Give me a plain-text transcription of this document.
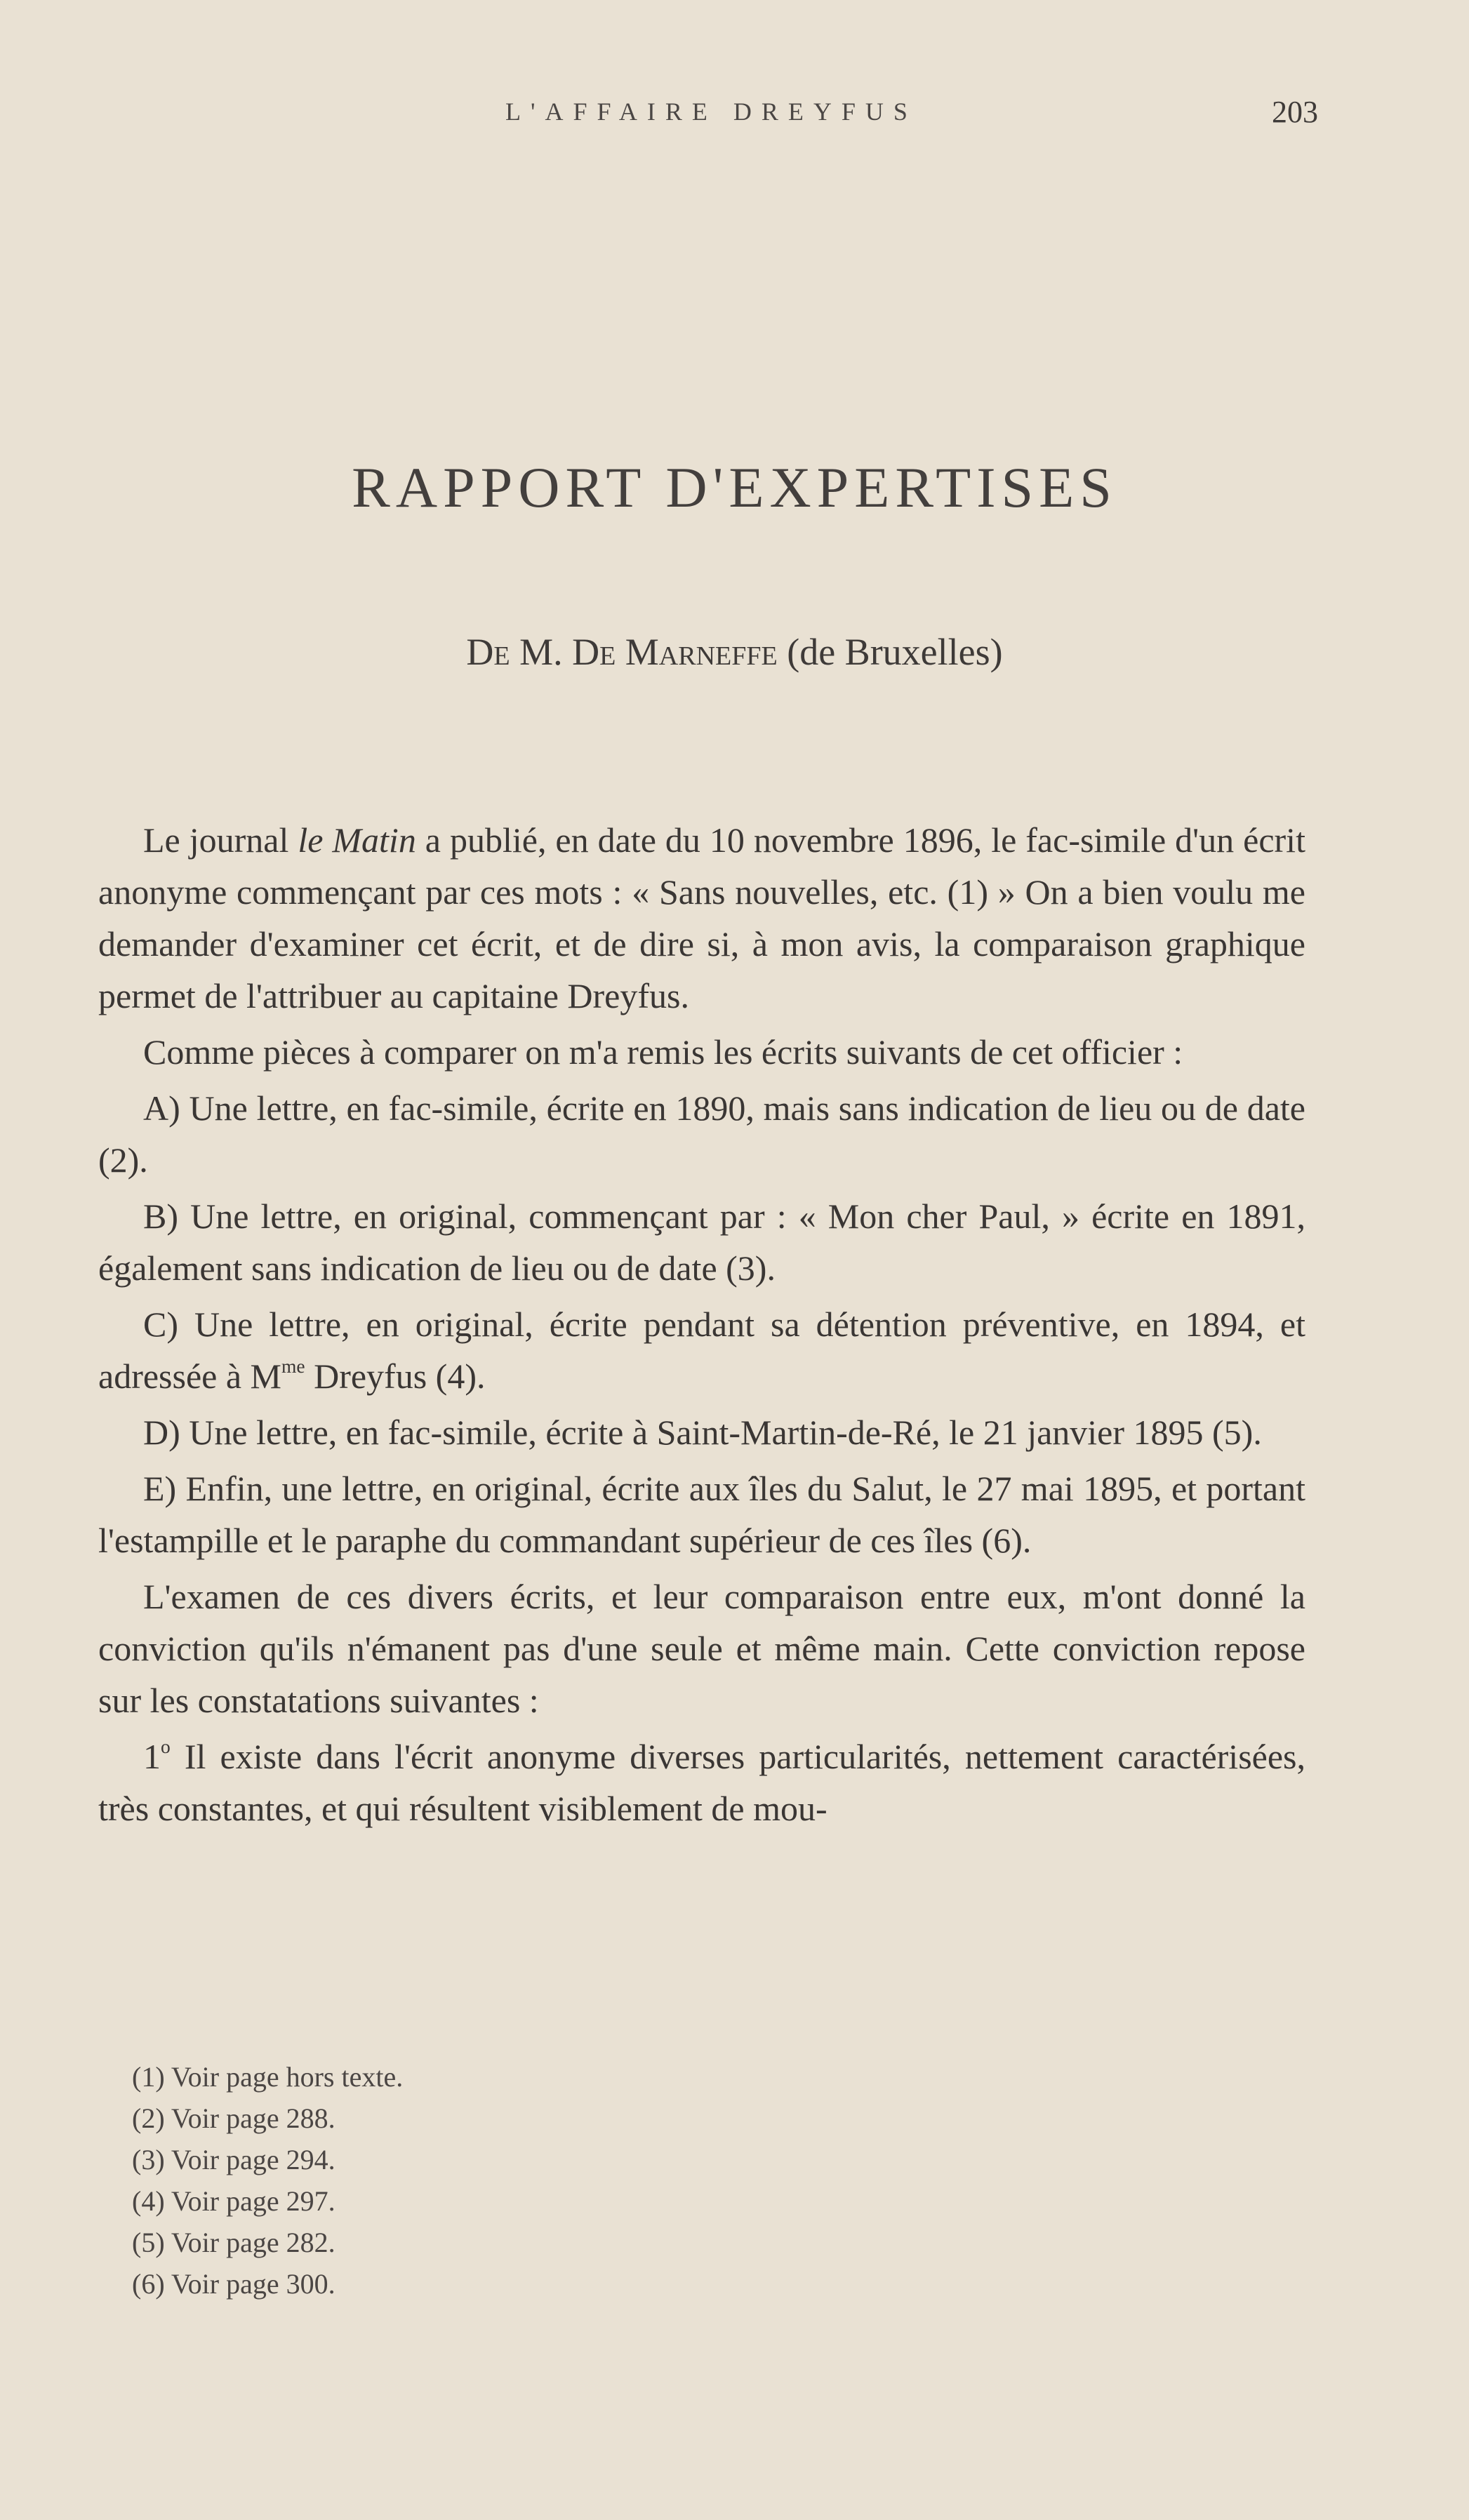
L'AFFAIRE DREYFUS	203
RAPPORT D'EXPERTISES
De M. De Marneffe (de Bruxelles)

Le journal le Matin a publié, en date du 10 novembre 1896, le fac-simile d'un écrit anonyme commençant par ces mots : « Sans nouvelles, etc. (1) » On a bien voulu me demander d'examiner cet écrit, et de dire si, à mon avis, la comparaison graphique permet de l'attribuer au capitaine Dreyfus.

Comme pièces à comparer on m'a remis les écrits suivants de cet officier :

A) Une lettre, en fac-simile, écrite en 1890, mais sans indication de lieu ou de date (2).

B) Une lettre, en original, commençant par : « Mon cher Paul, » écrite en 1891, également sans indication de lieu ou de date (3).

C) Une lettre, en original, écrite pendant sa détention préventive, en 1894, et adressée à $M^{me}$ Dreyfus (4).

D) Une lettre, en fac-simile, écrite à Saint-Martin-de-Ré, le 21 janvier 1895 (5).

E) Enfin, une lettre, en original, écrite aux îles du Salut, le 27 mai 1895, et portant l'estampille et le paraphe du commandant supérieur de ces îles (6).

L'examen de ces divers écrits, et leur comparaison entre eux, m'ont donné la conviction qu'ils n'émanent pas d'une seule et même main. Cette conviction repose sur les constatations suivantes :

1$^o$ Il existe dans l'écrit anonyme diverses particularités, nettement caractérisées, très constantes, et qui résultent visiblement de mou-

(1) Voir page hors texte.
(2) Voir page 288.
(3) Voir page 294.
(4) Voir page 297.
(5) Voir page 282.
(6) Voir page 300.
